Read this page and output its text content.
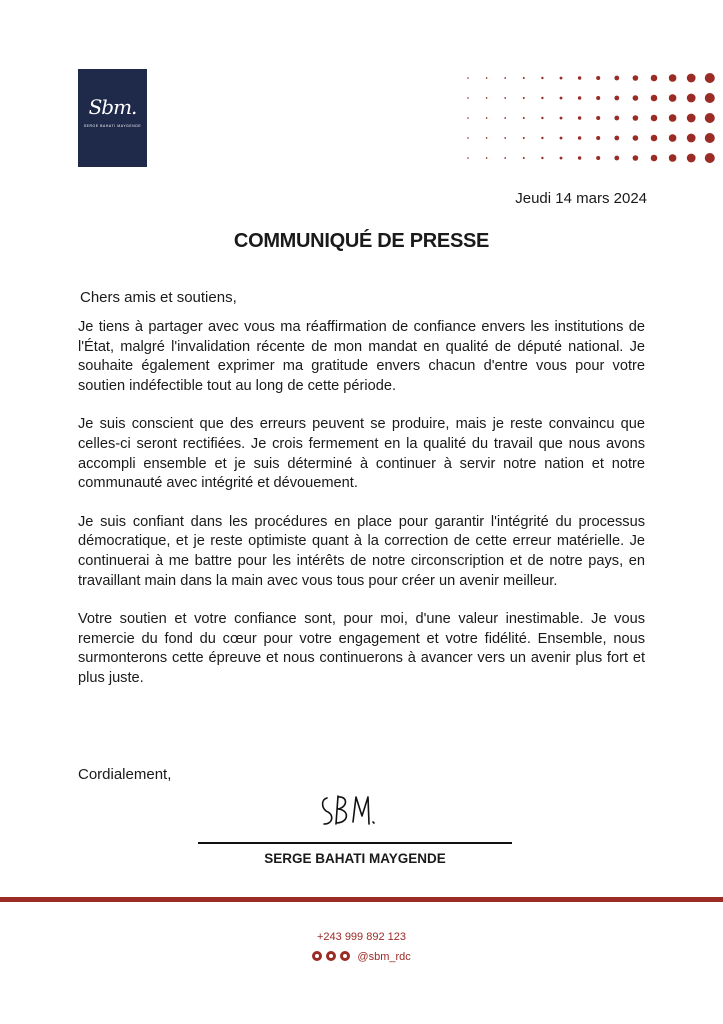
Sbm.
SERGE BAHATI MAYGENDE
Jeudi 14 mars 2024
COMMUNIQUÉ DE PRESSE
Chers amis et soutiens,

Je tiens à partager avec vous ma réaffirmation de confiance envers les institutions de l'État, malgré l'invalidation récente de mon mandat en qualité de député national. Je souhaite également exprimer ma gratitude envers chacun d'entre vous pour votre soutien indéfectible tout au long de cette période.

Je suis conscient que des erreurs peuvent se produire, mais je reste convaincu que celles-ci seront rectifiées. Je crois fermement en la qualité du travail que nous avons accompli ensemble et je suis déterminé à continuer à servir notre nation et notre communauté avec intégrité et dévouement.

Je suis confiant dans les procédures en place pour garantir l'intégrité du processus démocratique, et je reste optimiste quant à la correction de cette erreur matérielle. Je continuerai à me battre pour les intérêts de notre circonscription et de notre pays, en travaillant main dans la main avec vous tous pour créer un avenir meilleur.

Votre soutien et votre confiance sont, pour moi, d'une valeur inestimable. Je vous remercie du fond du cœur pour votre engagement et votre fidélité. Ensemble, nous surmonterons cette épreuve et nous continuerons à avancer vers un avenir plus fort et plus juste.

Cordialement,
SERGE BAHATI MAYGENDE
+243 999 892 123
@sbm_rdc
